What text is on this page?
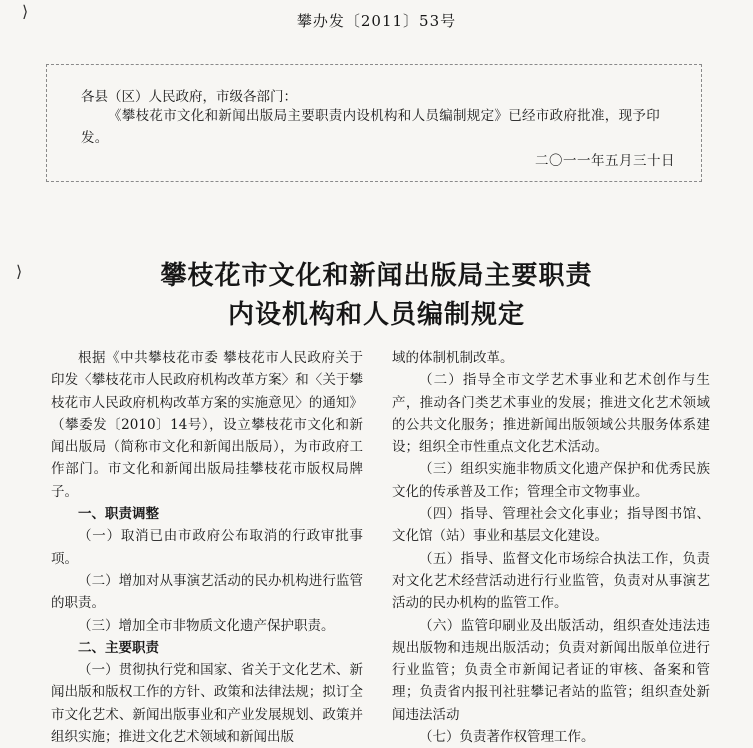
⟩
⟩
攀办发〔2011〕53号
各县（区）人民政府，市级各部门：
《攀枝花市文化和新闻出版局主要职责内设机构和人员编制规定》已经市政府批准，现予印发。
二〇一一年五月三十日
攀枝花市文化和新闻出版局主要职责
内设机构和人员编制规定

根据《中共攀枝花市委 攀枝花市人民政府关于印发〈攀枝花市人民政府机构改革方案〉和〈关于攀枝花市人民政府机构改革方案的实施意见〉的通知》（攀委发〔2010〕14号），设立攀枝花市文化和新闻出版局（简称市文化和新闻出版局），为市政府工作部门。市文化和新闻出版局挂攀枝花市版权局牌子。

一、职责调整

（一）取消已由市政府公布取消的行政审批事项。

（二）增加对从事演艺活动的民办机构进行监管的职责。

（三）增加全市非物质文化遗产保护职责。

二、主要职责

（一）贯彻执行党和国家、省关于文化艺术、新闻出版和版权工作的方针、政策和法律法规；拟订全市文化艺术、新闻出版事业和产业发展规划、政策并组织实施；推进文化艺术领域和新闻出版

域的体制机制改革。

（二）指导全市文学艺术事业和艺术创作与生产，推动各门类艺术事业的发展；推进文化艺术领域的公共文化服务；推进新闻出版领域公共服务体系建设；组织全市性重点文化艺术活动。

（三）组织实施非物质文化遗产保护和优秀民族文化的传承普及工作；管理全市文物事业。

（四）指导、管理社会文化事业；指导图书馆、文化馆（站）事业和基层文化建设。

（五）指导、监督文化市场综合执法工作，负责对文化艺术经营活动进行行业监管，负责对从事演艺活动的民办机构的监管工作。

（六）监管印刷业及出版活动，组织查处违法违规出版物和违规出版活动；负责对新闻出版单位进行行业监管；负责全市新闻记者证的审核、备案和管理；负责省内报刊社驻攀记者站的监管；组织查处新闻违法活动

（七）负责著作权管理工作。
